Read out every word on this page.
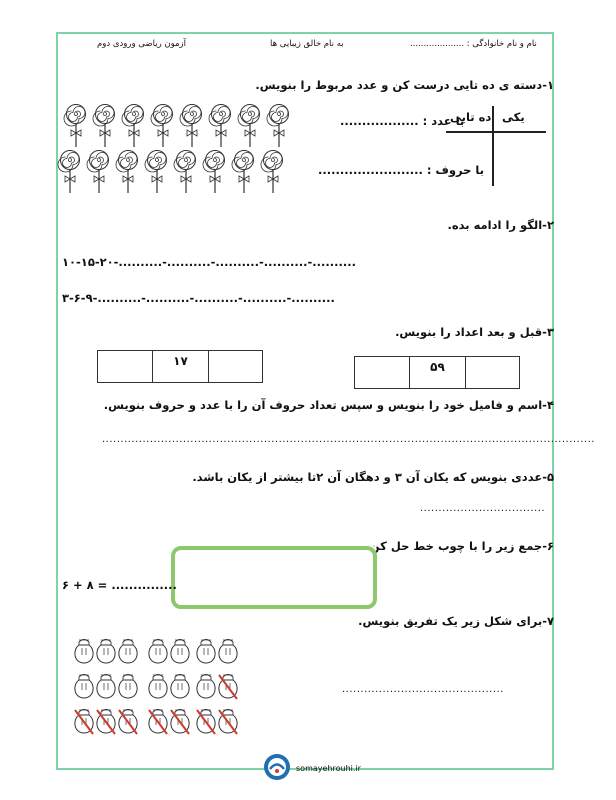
نام و نام خانوادگی : ....................
به نام خالق زیبایی ها
آزمون ریاضی ورودی دوم
۱-دسته ی ده تایی درست کن و عدد مربوط را بنویس.
یکی
ده تایی
با عدد : ..................
با حروف : ........................
۲-الگو را ادامه بده.
۱۰-۱۵-۲۰-..........-..........-..........-..........-..........
۳-۶-۹-..........-..........-..........-..........-..........
۳-قبل و بعد اعداد را بنویس.
۵۹
۱۷
۴-اسم و فامیل خود را بنویس و سپس تعداد حروف آن را با عدد و حروف بنویس.
......................................................................................................................................
۵-عددی بنویس که یکان آن ۳ و دهگان آن ۲تا بیشتر از یکان باشد.
..................................
۶-جمع زیر را با چوب خط حل کن.
۶ + ۸ = ...............
۷-برای شکل زیر یک تفریق بنویس.
............................................
somayehrouhi.ir
